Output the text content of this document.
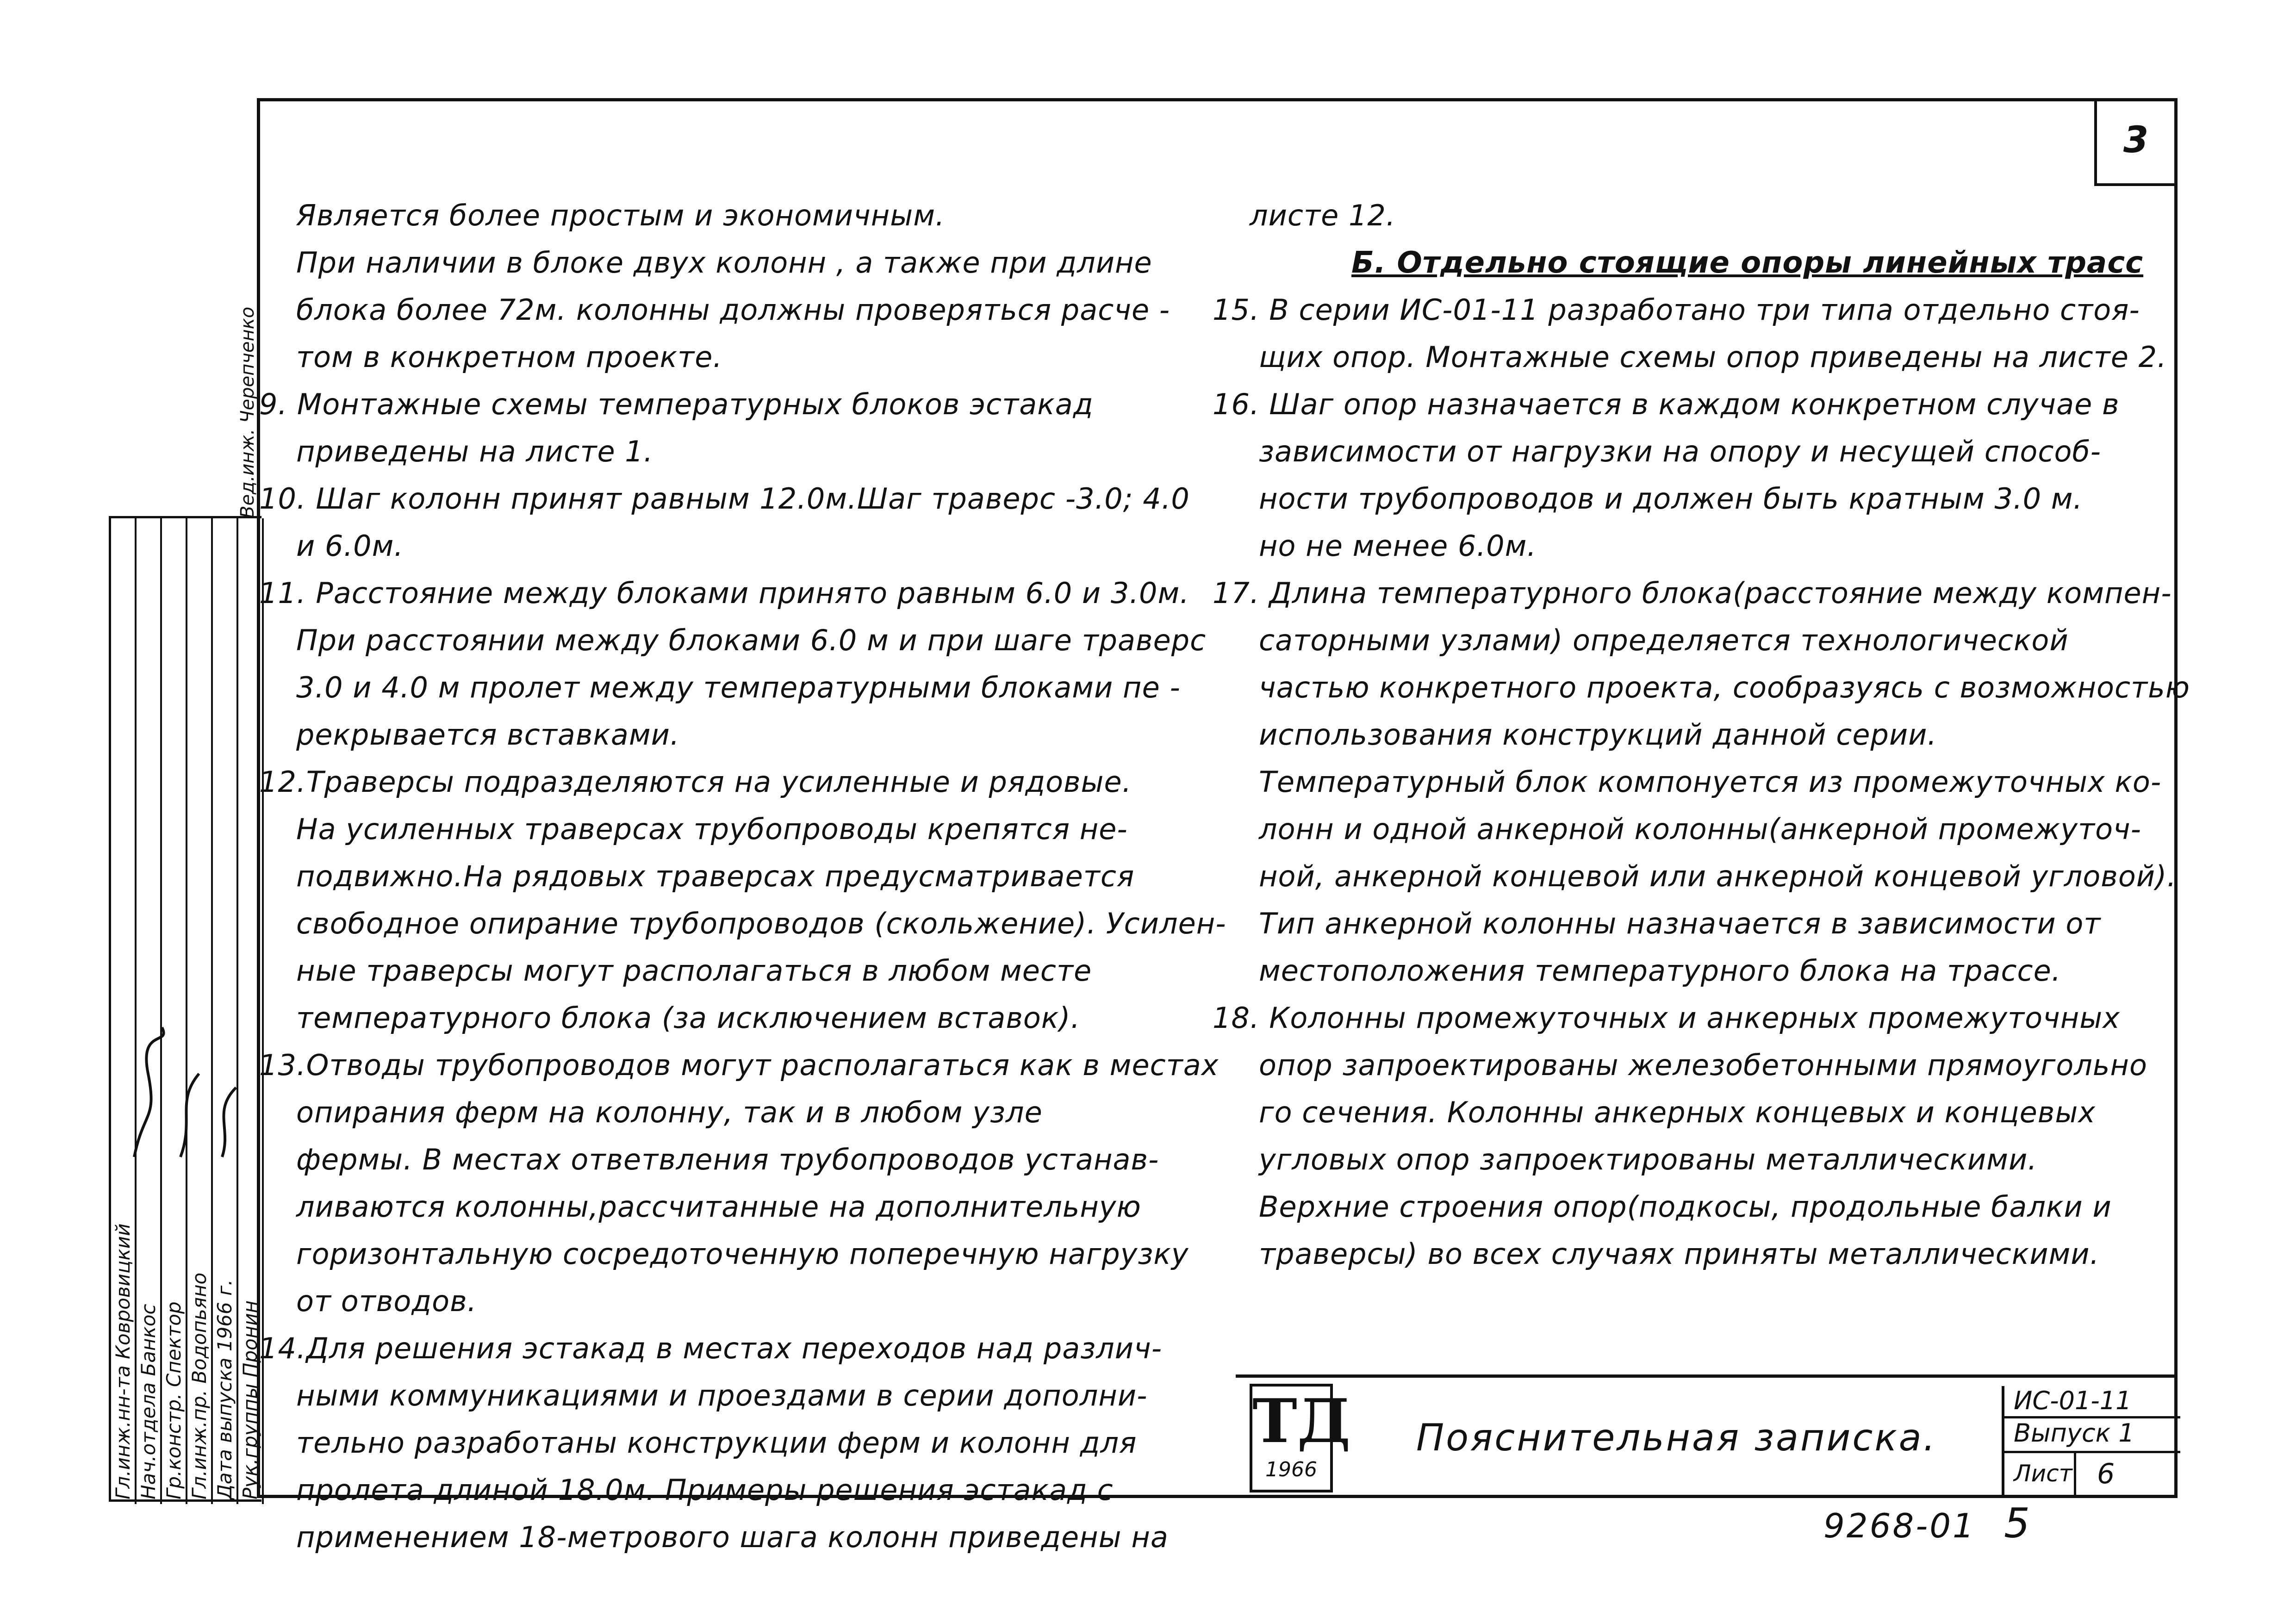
3
Является более простым и экономичным.
При наличии в блоке двух колонн , а также при длине
блока более 72м. колонны должны проверяться расче -
том в конкретном проекте.
9. Монтажные схемы температурных блоков эстакад
приведены на листе 1.
10. Шаг колонн принят равным 12.0м.Шаг траверс -3.0; 4.0
и 6.0м.
11. Расстояние между блоками принято равным 6.0 и 3.0м.
При расстоянии между блоками 6.0 м и при шаге траверс
3.0 и 4.0 м пролет между температурными блоками пе -
рекрывается вставками.
12.Траверсы подразделяются на усиленные и рядовые.
На усиленных траверсах трубопроводы крепятся не-
подвижно.На рядовых траверсах предусматривается
свободное опирание трубопроводов (скольжение). Усилен-
ные траверсы могут располагаться в любом месте
температурного блока (за исключением вставок).
13.Отводы трубопроводов могут располагаться как в местах
опирания ферм на колонну, так и в любом узле
фермы. В местах ответвления трубопроводов устанав-
ливаются колонны,рассчитанные на дополнительную
горизонтальную сосредоточенную поперечную нагрузку
от отводов.
14.Для решения эстакад в местах переходов над различ-
ными коммуникациями и проездами в серии дополни-
тельно разработаны конструкции ферм и колонн для
пролета длиной 18.0м. Примеры решения эстакад с
применением 18-метрового шага колонн приведены на
листе 12.
Б. Отдельно стоящие опоры линейных трасс
15. В серии ИС-01-11 разработано три типа отдельно стоя-
щих опор. Монтажные схемы опор приведены на листе 2.
16. Шаг опор назначается в каждом конкретном случае в
зависимости от нагрузки на опору и несущей способ-
ности трубопроводов и должен быть кратным 3.0 м.
но не менее 6.0м.
17. Длина температурного блока(расстояние между компен-
саторными узлами) определяется технологической
частью конкретного проекта, сообразуясь с возможностью
использования конструкций данной серии.
Температурный блок компонуется из промежуточных ко-
лонн и одной анкерной колонны(анкерной промежуточ-
ной, анкерной концевой или анкерной концевой угловой).
Тип анкерной колонны назначается в зависимости от
местоположения температурного блока на трассе.
18. Колонны промежуточных и анкерных промежуточных
опор запроектированы железобетонными прямоугольно
го сечения. Колонны анкерных концевых и концевых
угловых опор запроектированы металлическими.
Верхние строения опор(подкосы, продольные балки и
траверсы) во всех случаях приняты металлическими.
Гл.инж.нн-та Ковровицкий Нач.отдела Банкос Гр.констр. Спектор Гл.инж.пр. Водопьяно Дата выпуска 1966 г. Рук.группы Пронин
Вед.инж. Черепченко
ТД
1966
Пояснительная записка.
ИС-01-11
Выпуск 1
Лист 6
9268-01 5
